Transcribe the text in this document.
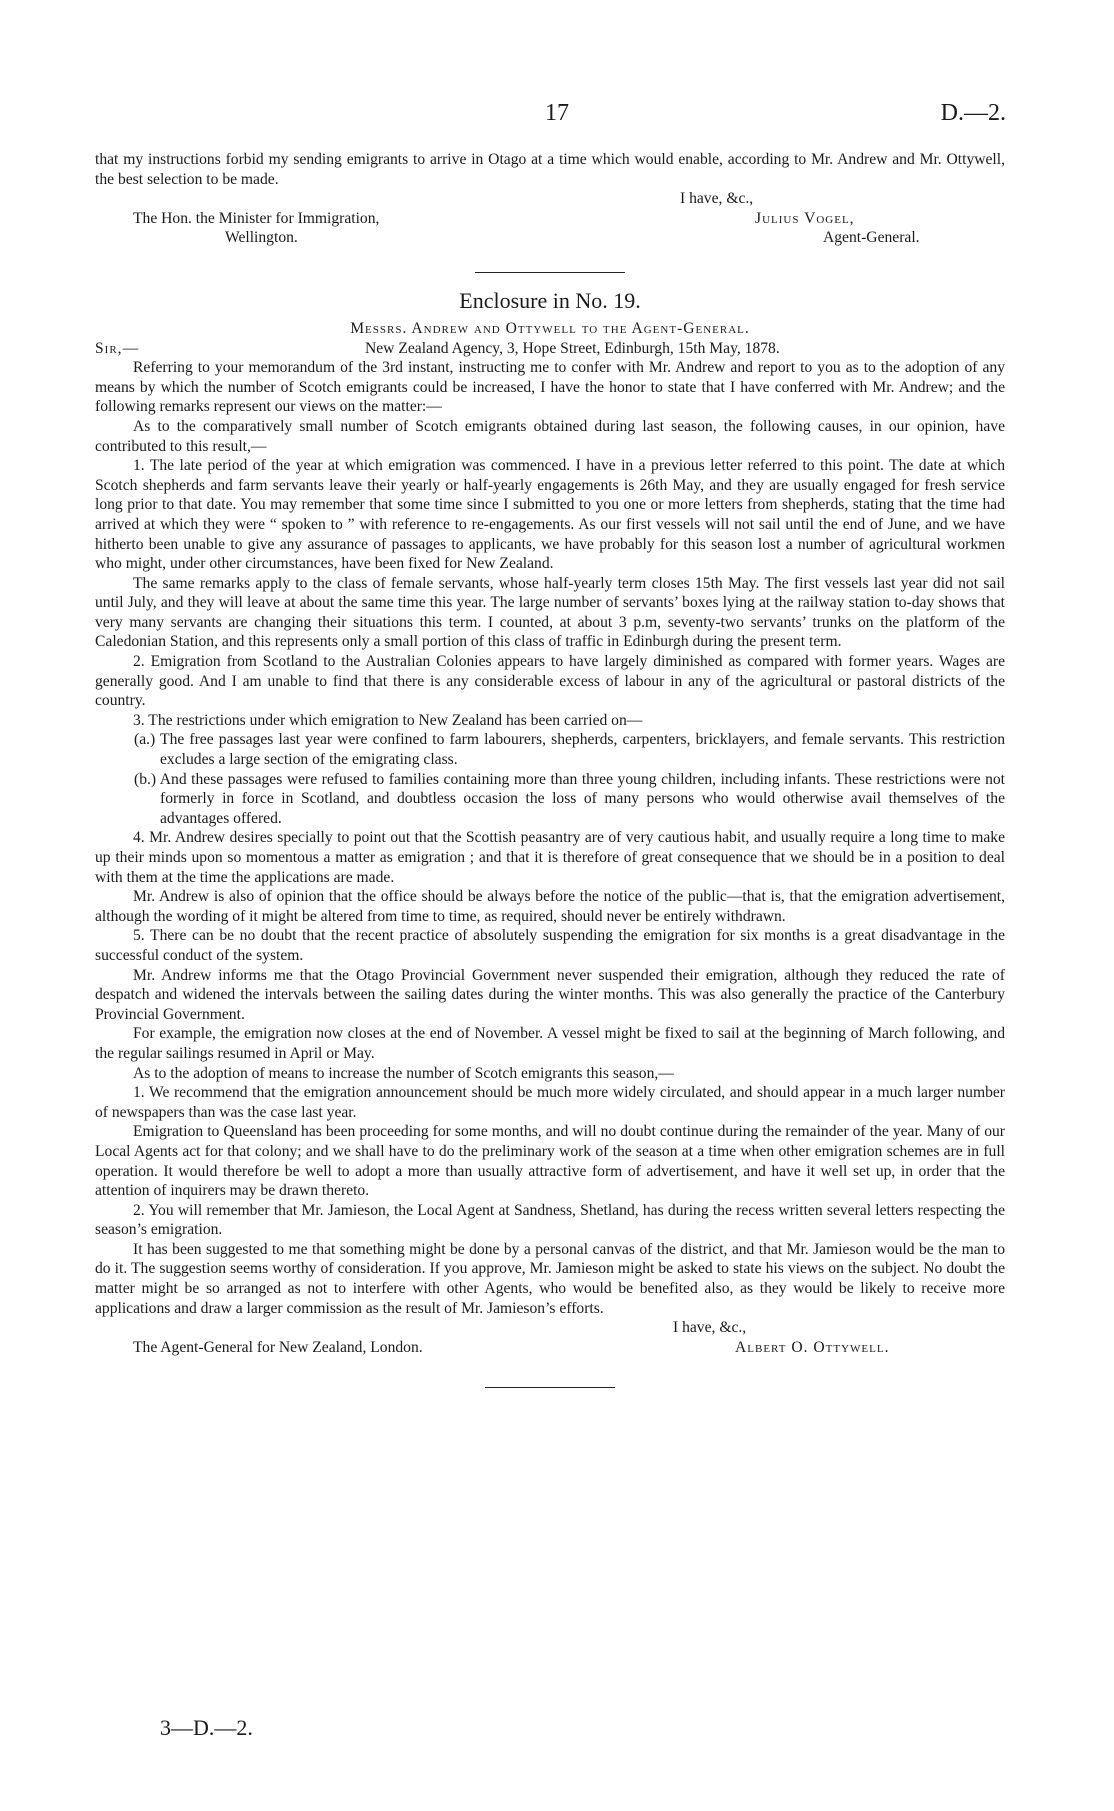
17	D.—2.

that my instructions forbid my sending emigrants to arrive in Otago at a time which would enable, according to Mr. Andrew and Mr. Ottywell, the best selection to be made.

I have, &c.,
The Hon. the Minister for Immigration,	Julius Vogel,
Wellington.	Agent-General.
Enclosure in No. 19.

Messrs. Andrew and Ottywell to the Agent-General.

Sir,—	New Zealand Agency, 3, Hope Street, Edinburgh, 15th May, 1878.

Referring to your memorandum of the 3rd instant, instructing me to confer with Mr. Andrew and report to you as to the adoption of any means by which the number of Scotch emigrants could be increased, I have the honor to state that I have conferred with Mr. Andrew; and the following remarks represent our views on the matter:—

As to the comparatively small number of Scotch emigrants obtained during last season, the following causes, in our opinion, have contributed to this result,—

1. The late period of the year at which emigration was commenced. I have in a previous letter referred to this point. The date at which Scotch shepherds and farm servants leave their yearly or half-yearly engagements is 26th May, and they are usually engaged for fresh service long prior to that date. You may remember that some time since I submitted to you one or more letters from shepherds, stating that the time had arrived at which they were “ spoken to ” with reference to re-engagements. As our first vessels will not sail until the end of June, and we have hitherto been unable to give any assurance of passages to applicants, we have probably for this season lost a number of agricultural workmen who might, under other circumstances, have been fixed for New Zealand.

The same remarks apply to the class of female servants, whose half-yearly term closes 15th May. The first vessels last year did not sail until July, and they will leave at about the same time this year. The large number of servants’ boxes lying at the railway station to-day shows that very many servants are changing their situations this term. I counted, at about 3 p.m, seventy-two servants’ trunks on the platform of the Caledonian Station, and this represents only a small portion of this class of traffic in Edinburgh during the present term.

2. Emigration from Scotland to the Australian Colonies appears to have largely diminished as compared with former years. Wages are generally good. And I am unable to find that there is any considerable excess of labour in any of the agricultural or pastoral districts of the country.

3. The restrictions under which emigration to New Zealand has been carried on—

(a.) The free passages last year were confined to farm labourers, shepherds, carpenters, bricklayers, and female servants. This restriction excludes a large section of the emigrating class.

(b.) And these passages were refused to families containing more than three young children, including infants. These restrictions were not formerly in force in Scotland, and doubtless occasion the loss of many persons who would otherwise avail themselves of the advantages offered.

4. Mr. Andrew desires specially to point out that the Scottish peasantry are of very cautious habit, and usually require a long time to make up their minds upon so momentous a matter as emigration ; and that it is therefore of great consequence that we should be in a position to deal with them at the time the applications are made.

Mr. Andrew is also of opinion that the office should be always before the notice of the public—that is, that the emigration advertisement, although the wording of it might be altered from time to time, as required, should never be entirely withdrawn.

5. There can be no doubt that the recent practice of absolutely suspending the emigration for six months is a great disadvantage in the successful conduct of the system.

Mr. Andrew informs me that the Otago Provincial Government never suspended their emigration, although they reduced the rate of despatch and widened the intervals between the sailing dates during the winter months. This was also generally the practice of the Canterbury Provincial Government.

For example, the emigration now closes at the end of November. A vessel might be fixed to sail at the beginning of March following, and the regular sailings resumed in April or May.

As to the adoption of means to increase the number of Scotch emigrants this season,—

1. We recommend that the emigration announcement should be much more widely circulated, and should appear in a much larger number of newspapers than was the case last year.

Emigration to Queensland has been proceeding for some months, and will no doubt continue during the remainder of the year. Many of our Local Agents act for that colony; and we shall have to do the preliminary work of the season at a time when other emigration schemes are in full operation. It would therefore be well to adopt a more than usually attractive form of advertisement, and have it well set up, in order that the attention of inquirers may be drawn thereto.

2. You will remember that Mr. Jamieson, the Local Agent at Sandness, Shetland, has during the recess written several letters respecting the season’s emigration.

It has been suggested to me that something might be done by a personal canvas of the district, and that Mr. Jamieson would be the man to do it. The suggestion seems worthy of consideration. If you approve, Mr. Jamieson might be asked to state his views on the subject. No doubt the matter might be so arranged as not to interfere with other Agents, who would be benefited also, as they would be likely to receive more applications and draw a larger commission as the result of Mr. Jamieson’s efforts.

I have, &c.,
The Agent-General for New Zealand, London.	Albert O. Ottywell.
3—D.—2.
